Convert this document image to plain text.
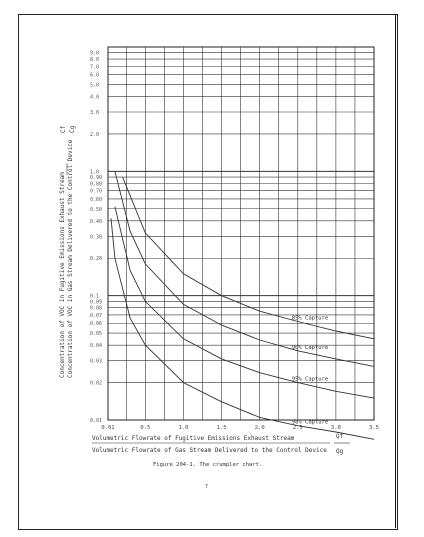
85% Capture
90% Capture
95% Capture
98% Capture
9.0
8.0
7.0
6.0
5.0
4.0
3.0
2.0
1.0
0.90
0.80
0.70
0.60
0.50
0.40
0.30
0.20
0.1
0.09
0.08
0.07
0.06
0.05
0.04
0.03
0.02
0.01
0.01	0.5	1.0	1.5	2.0	2.5	3.0	3.5
Concentration of VOC in Fugitive Emissions Exhaust Stream Concentration of VOC in Gas Stream Delivered to the Control Device
Cf Cg
Volumetric Flowrate of Fugitive Emissions Exhaust Stream
Volumetric Flowrate of Gas Stream Delivered to the Control Device
Qf
Qg
Figure 204-1. The crumpler chart.
7
